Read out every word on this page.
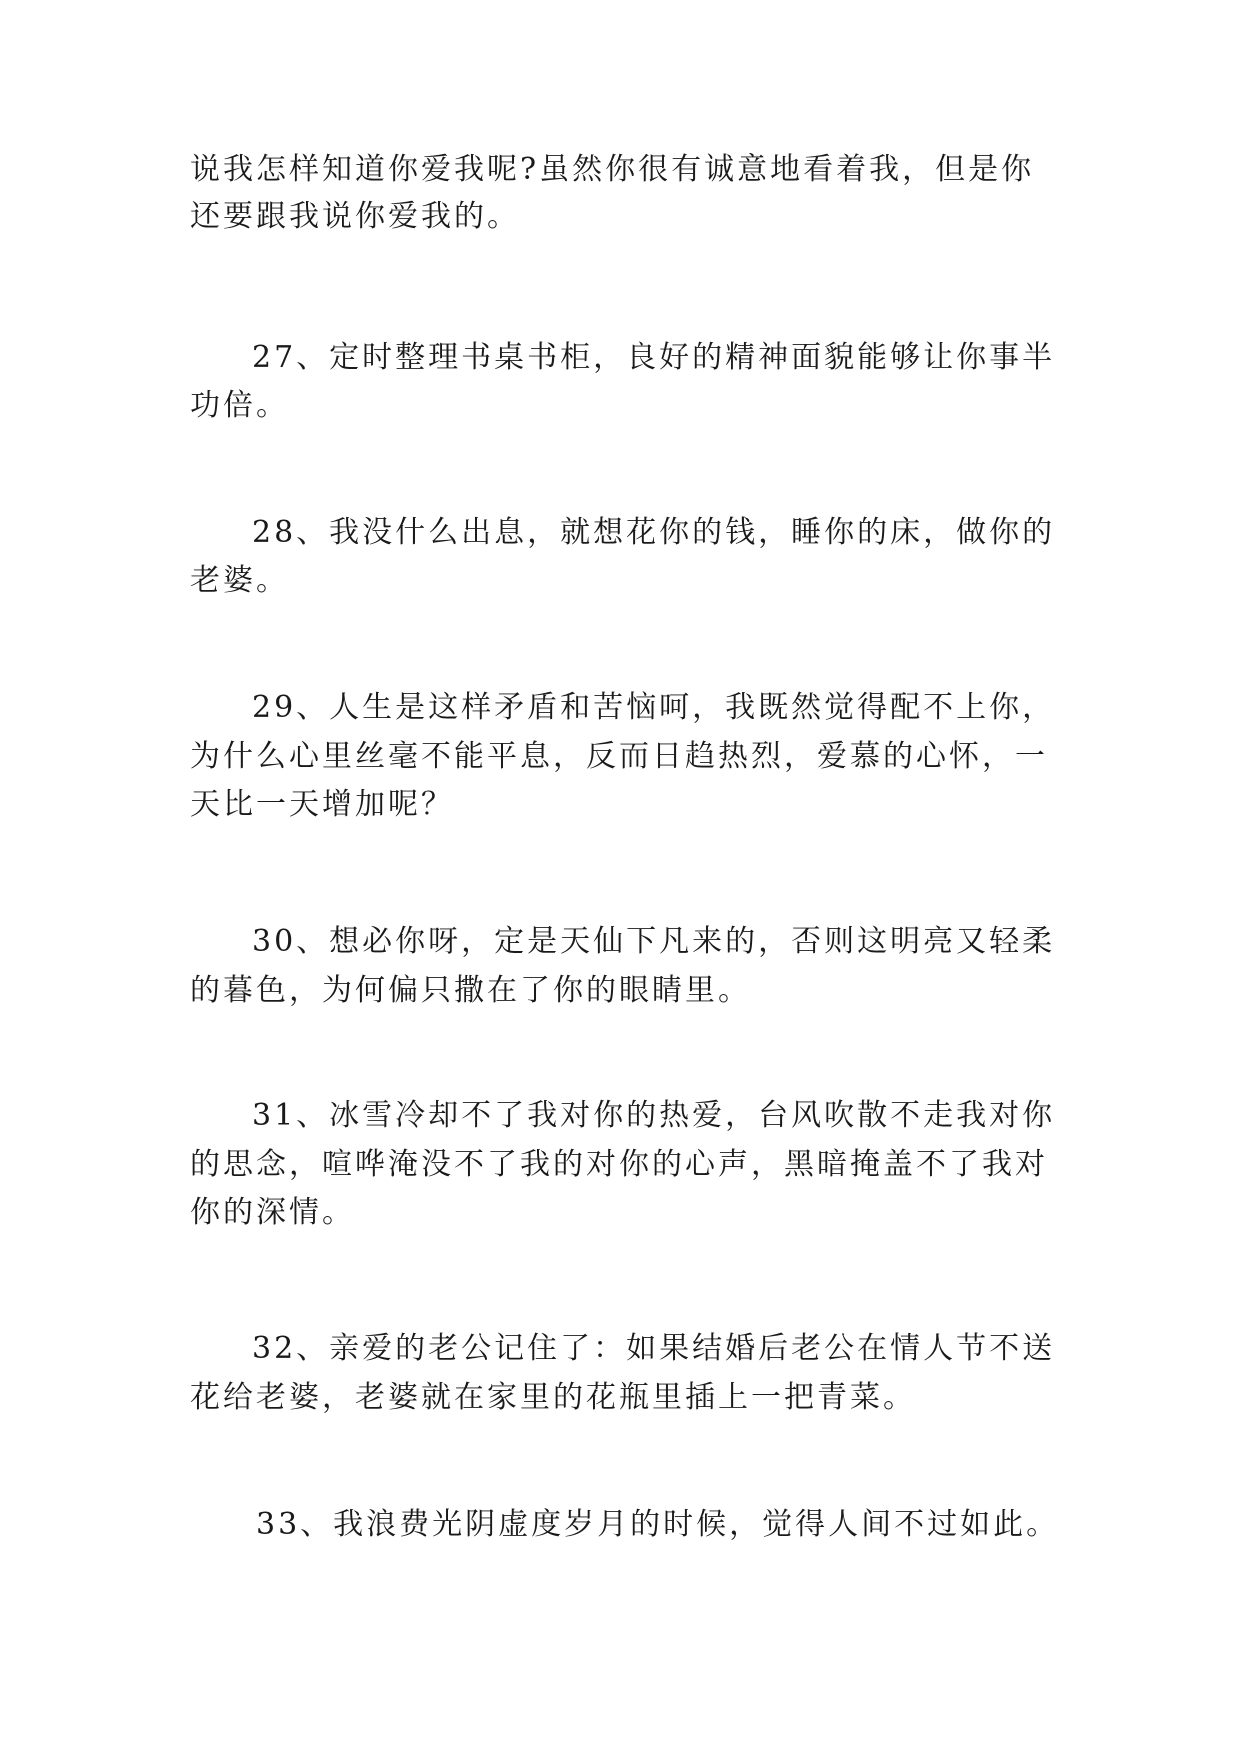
说我怎样知道你爱我呢?虽然你很有诚意地看着我，但是你

还要跟我说你爱我的。

27、定时整理书桌书柜，良好的精神面貌能够让你事半

功倍。

28、我没什么出息，就想花你的钱，睡你的床，做你的

老婆。

29、人生是这样矛盾和苦恼呵，我既然觉得配不上你，

为什么心里丝毫不能平息，反而日趋热烈，爱慕的心怀，一

天比一天增加呢？

30、想必你呀，定是天仙下凡来的，否则这明亮又轻柔

的暮色，为何偏只撒在了你的眼睛里。

31、冰雪冷却不了我对你的热爱，台风吹散不走我对你

的思念，喧哗淹没不了我的对你的心声，黑暗掩盖不了我对

你的深情。

32、亲爱的老公记住了：如果结婚后老公在情人节不送

花给老婆，老婆就在家里的花瓶里插上一把青菜。

33、我浪费光阴虚度岁月的时候，觉得人间不过如此。
